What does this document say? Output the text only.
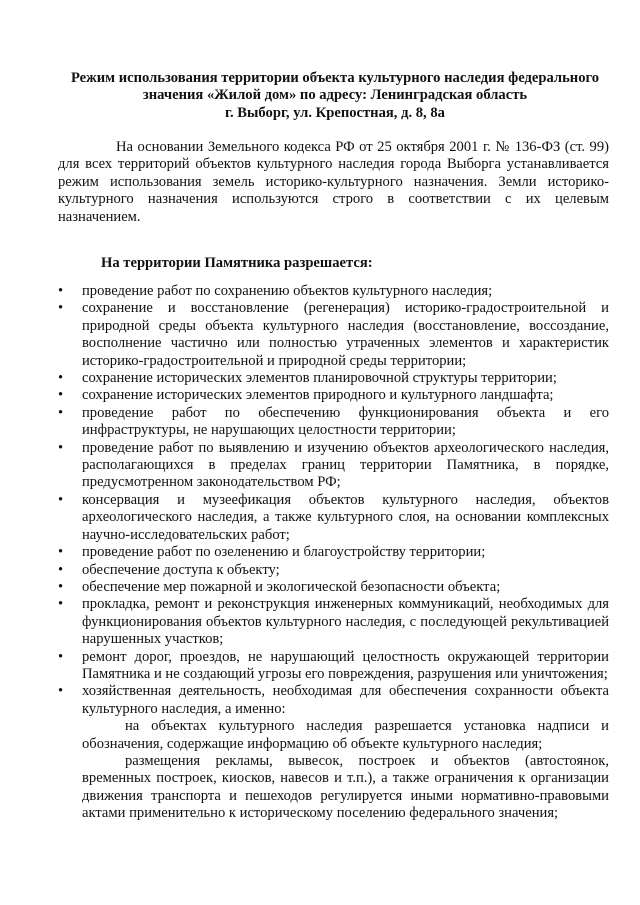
Режим использования территории объекта культурного наследия федерального
значения «Жилой дом» по адресу: Ленинградская область
г. Выборг, ул. Крепостная, д. 8, 8а
На основании Земельного кодекса РФ от 25 октября 2001 г. № 136-ФЗ (ст. 99) для всех территорий объектов культурного наследия города Выборга устанавливается режим использования земель историко-культурного назначения. Земли историко-культурного назначения используются строго в соответствии с их целевым назначением.
На территории Памятника разрешается:
• проведение работ по сохранению объектов культурного наследия;
• сохранение и восстановление (регенерация) историко-градостроительной и природной среды объекта культурного наследия (восстановление, воссоздание, восполнение частично или полностью утраченных элементов и характеристик историко-градостроительной и природной среды территории;
• сохранение исторических элементов планировочной структуры территории;
• сохранение исторических элементов природного и культурного ландшафта;
• проведение работ по обеспечению функционирования объекта и его инфраструктуры, не нарушающих целостности территории;
• проведение работ по выявлению и изучению объектов археологического наследия, располагающихся в пределах границ территории Памятника, в порядке, предусмотренном законодательством РФ;
• консервация и музеефикация объектов культурного наследия, объектов археологического наследия, а также культурного слоя, на основании комплексных научно-исследовательских работ;
• проведение работ по озеленению и благоустройству территории;
• обеспечение доступа к объекту;
• обеспечение мер пожарной и экологической безопасности объекта;
• прокладка, ремонт и реконструкция инженерных коммуникаций, необходимых для функционирования объектов культурного наследия, с последующей рекультивацией нарушенных участков;
• ремонт дорог, проездов, не нарушающий целостность окружающей территории Памятника и не создающий угрозы его повреждения, разрушения или уничтожения;
• хозяйственная деятельность, необходимая для обеспечения сохранности объекта культурного наследия, а именно:

на объектах культурного наследия разрешается установка надписи и обозначения, содержащие информацию об объекте культурного наследия;

размещения рекламы, вывесок, построек и объектов (автостоянок, временных построек, киосков, навесов и т.п.), а также ограничения к организации движения транспорта и пешеходов регулируется иными нормативно-правовыми актами применительно к историческому поселению федерального значения;
